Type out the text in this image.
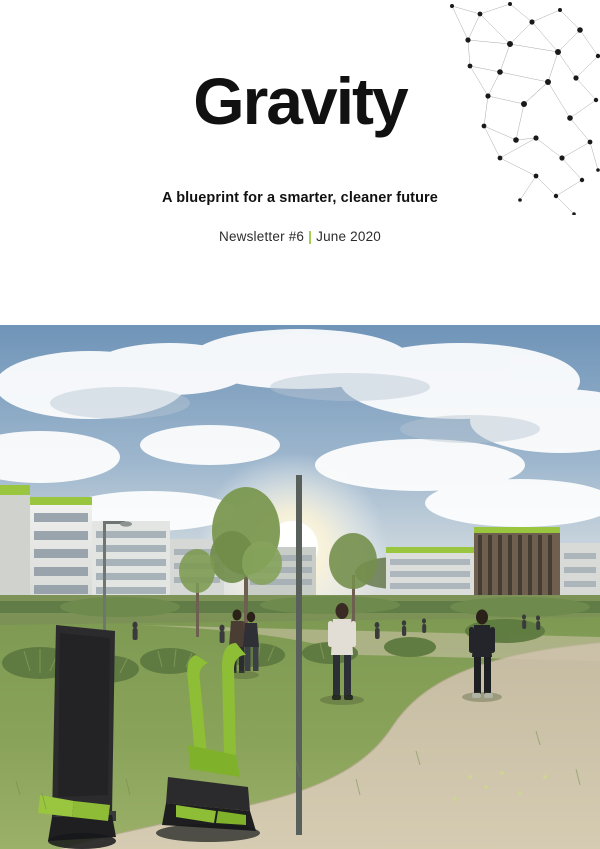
Gravity
A blueprint for a smarter, cleaner future
Newsletter #6 | June 2020
